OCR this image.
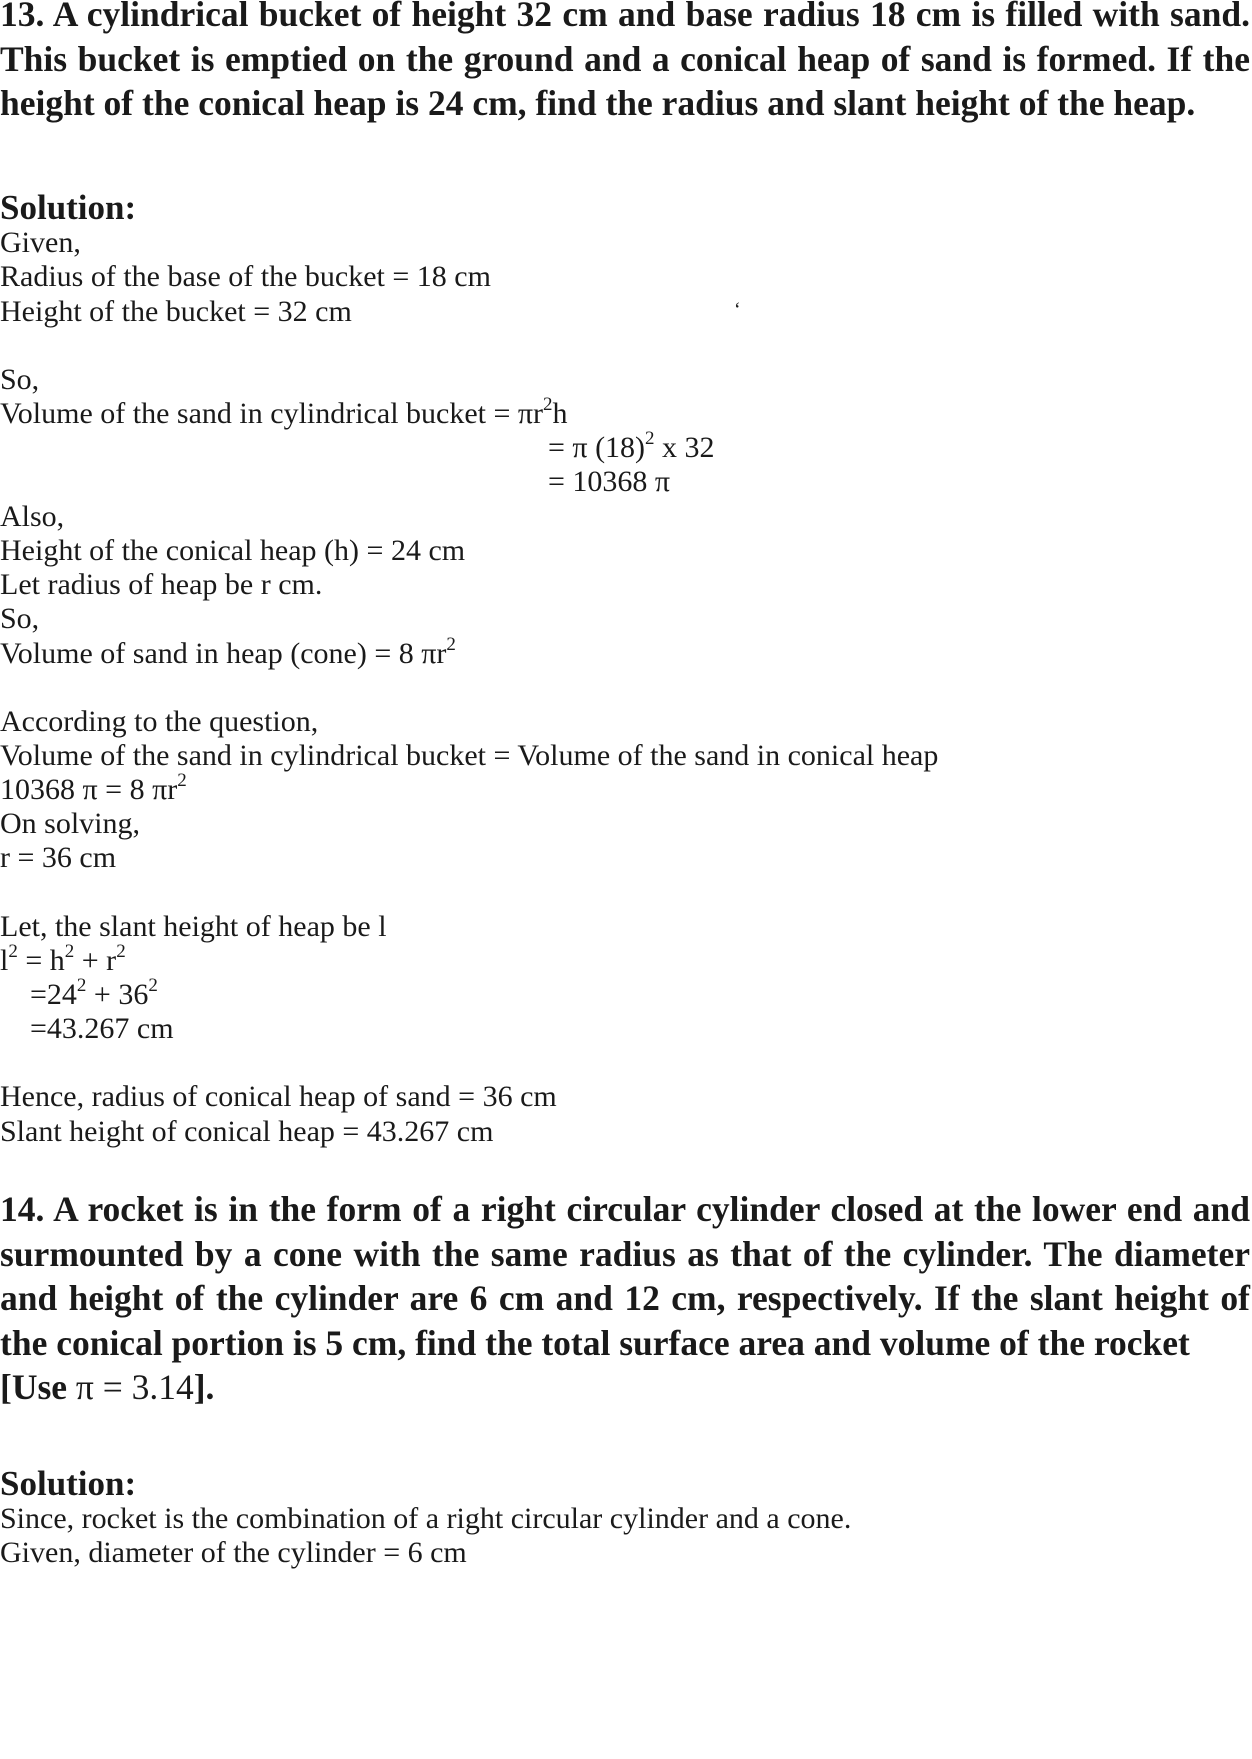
13. A cylindrical bucket of height 32 cm and base radius 18 cm is filled with sand. This bucket is emptied on the ground and a conical heap of sand is formed. If the height of the conical heap is 24 cm, find the radius and slant height of the heap.
Solution:
Given,
Radius of the base of the bucket = 18 cm
Height of the bucket = 32 cm	‘
So,
Volume of the sand in cylindrical bucket = $\pi r^2h$
= π $(18)^2$ x 32
= 10368 π
Also,
Height of the conical heap (h) = 24 cm
Let radius of heap be r cm.
So,
Volume of sand in heap (cone) = 8 $\pi r^2$
According to the question,
Volume of the sand in cylindrical bucket = Volume of the sand in conical heap
10368 π = 8 $\pi r^2$
On solving,
r = 36 cm
Let, the slant height of heap be l
$l^2 = h^2 + r^2$
$=24^2 + 36^2$
=43.267 cm
Hence, radius of conical heap of sand = 36 cm
Slant height of conical heap = 43.267 cm
14. A rocket is in the form of a right circular cylinder closed at the lower end and surmounted by a cone with the same radius as that of the cylinder. The diameter and height of the cylinder are 6 cm and 12 cm, respectively. If the slant height of the conical portion is 5 cm, find the total surface area and volume of the rocket
[Use π = 3.14].
Solution:
Since, rocket is the combination of a right circular cylinder and a cone.
Given, diameter of the cylinder = 6 cm
